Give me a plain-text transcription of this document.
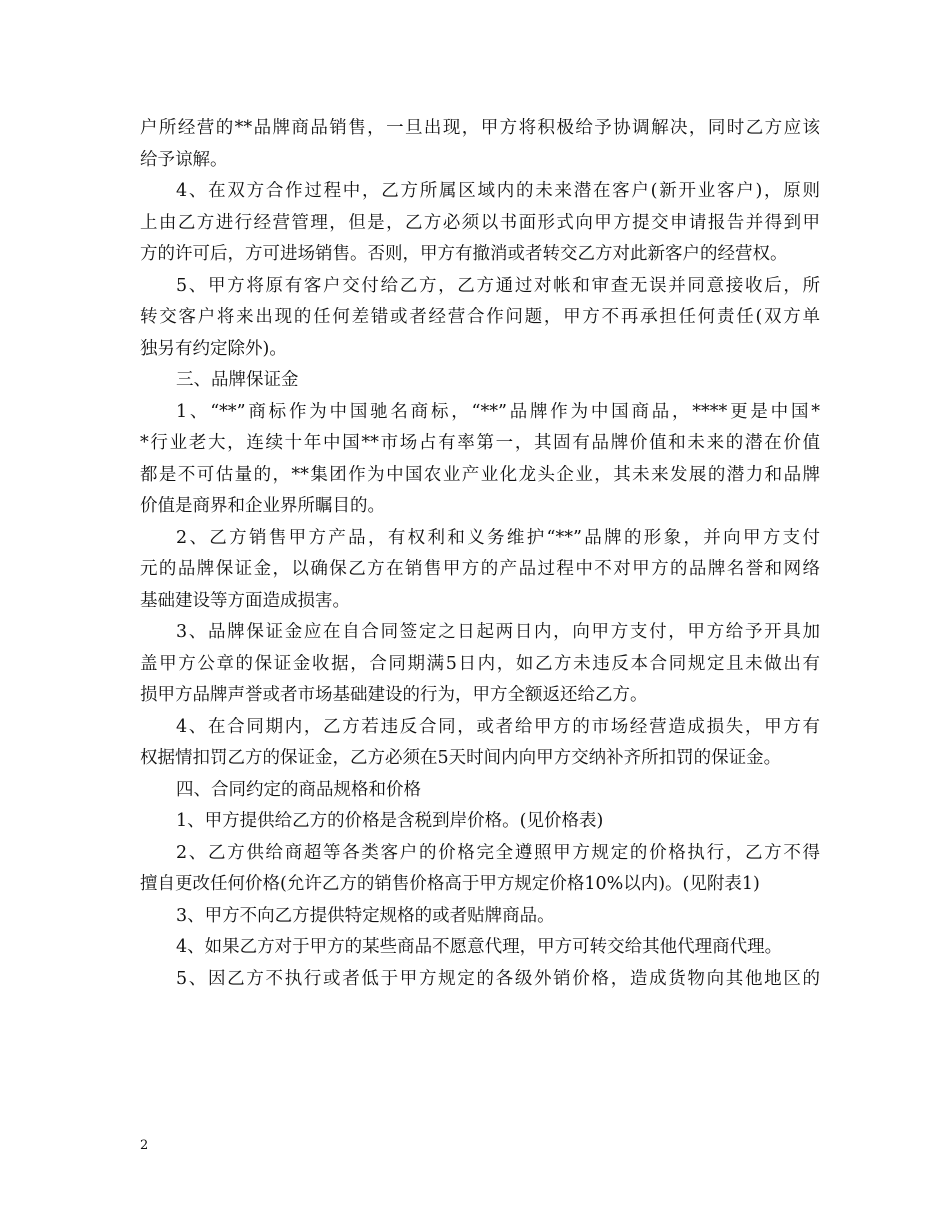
户所经营的**品牌商品销售，一旦出现，甲方将积极给予协调解决，同时乙方应该
给予谅解。
4、在双方合作过程中，乙方所属区域内的未来潜在客户(新开业客户)，原则
上由乙方进行经营管理，但是，乙方必须以书面形式向甲方提交申请报告并得到甲
方的许可后，方可进场销售。否则，甲方有撤消或者转交乙方对此新客户的经营权。
5、甲方将原有客户交付给乙方，乙方通过对帐和审查无误并同意接收后，所
转交客户将来出现的任何差错或者经营合作问题，甲方不再承担任何责任(双方单
独另有约定除外)。
三、品牌保证金
1、“**”商标作为中国驰名商标，“**”品牌作为中国商品，****更是中国*
*行业老大，连续十年中国**市场占有率第一，其固有品牌价值和未来的潜在价值
都是不可估量的，**集团作为中国农业产业化龙头企业，其未来发展的潜力和品牌
价值是商界和企业界所瞩目的。
2、乙方销售甲方产品，有权利和义务维护“**”品牌的形象，并向甲方支付
元的品牌保证金，以确保乙方在销售甲方的产品过程中不对甲方的品牌名誉和网络
基础建设等方面造成损害。
3、品牌保证金应在自合同签定之日起两日内，向甲方支付，甲方给予开具加
盖甲方公章的保证金收据，合同期满5日内，如乙方未违反本合同规定且未做出有
损甲方品牌声誉或者市场基础建设的行为，甲方全额返还给乙方。
4、在合同期内，乙方若违反合同，或者给甲方的市场经营造成损失，甲方有
权据情扣罚乙方的保证金，乙方必须在5天时间内向甲方交纳补齐所扣罚的保证金。
四、合同约定的商品规格和价格
1、甲方提供给乙方的价格是含税到岸价格。(见价格表)
2、乙方供给商超等各类客户的价格完全遵照甲方规定的价格执行，乙方不得
擅自更改任何价格(允许乙方的销售价格高于甲方规定价格10%以内)。(见附表1)
3、甲方不向乙方提供特定规格的或者贴牌商品。
4、如果乙方对于甲方的某些商品不愿意代理，甲方可转交给其他代理商代理。
5、因乙方不执行或者低于甲方规定的各级外销价格，造成货物向其他地区的
2
